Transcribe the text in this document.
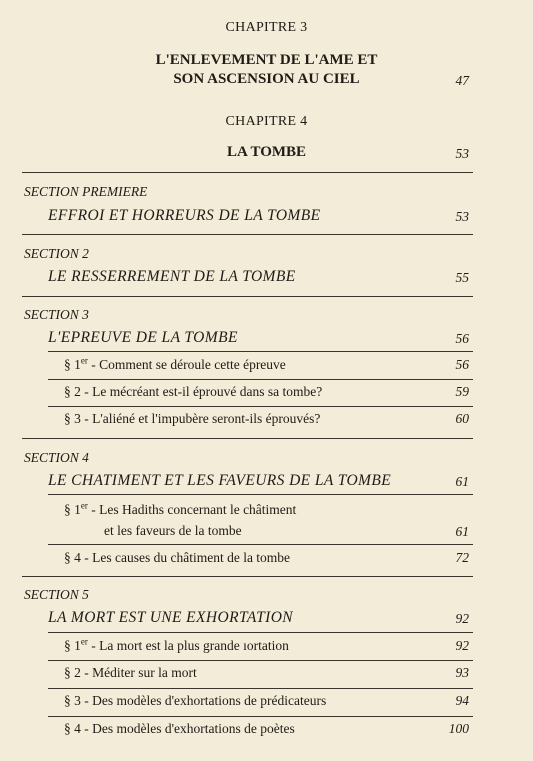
CHAPITRE 3
L'ENLEVEMENT DE L'AME ET
SON ASCENSION AU CIEL	47
CHAPITRE 4
LA TOMBE	53
SECTION PREMIERE
EFFROI ET HORREURS DE LA TOMBE	53
SECTION 2
LE RESSERREMENT DE LA TOMBE	55
SECTION 3
L'EPREUVE DE LA TOMBE	56
§ 1er - Comment se déroule cette épreuve	56
§ 2 - Le mécréant est-il éprouvé dans sa tombe?	59
§ 3 - L'aliéné et l'impubère seront-ils éprouvés?	60
SECTION 4
LE CHATIMENT ET LES FAVEURS DE LA TOMBE	61
§ 1er - Les Hadiths concernant le châtiment
et les faveurs de la tombe	61
§ 4 - Les causes du châtiment de la tombe	72
SECTION 5
LA MORT EST UNE EXHORTATION	92
§ 1er - La mort est la plus grande ıortation	92
§ 2 - Méditer sur la mort	93
§ 3 - Des modèles d'exhortations de prédicateurs	94
§ 4 - Des modèles d'exhortations de poètes	100
